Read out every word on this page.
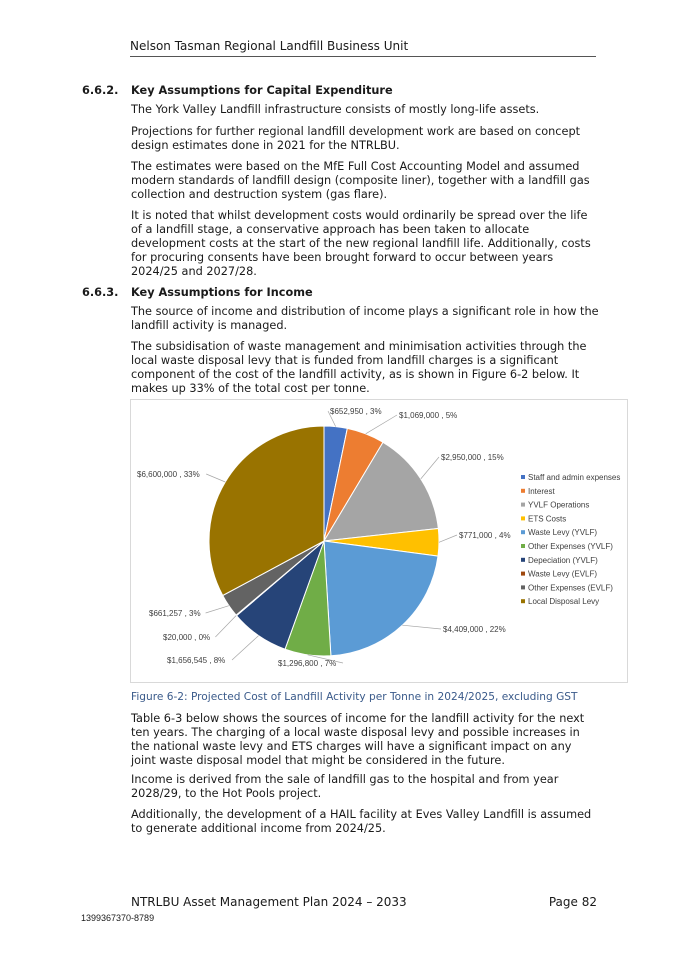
Nelson Tasman Regional Landfill Business Unit
6.6.2. Key Assumptions for Capital Expenditure

The York Valley Landfill infrastructure consists of mostly long-life assets.

Projections for further regional landfill development work are based on concept design estimates done in 2021 for the NTRLBU.

The estimates were based on the MfE Full Cost Accounting Model and assumed modern standards of landfill design (composite liner), together with a landfill gas collection and destruction system (gas flare).

It is noted that whilst development costs would ordinarily be spread over the life of a landfill stage, a conservative approach has been taken to allocate development costs at the start of the new regional landfill life. Additionally, costs for procuring consents have been brought forward to occur between years 2024/25 and 2027/28.

6.6.3. Key Assumptions for Income

The source of income and distribution of income plays a significant role in how the landfill activity is managed.

The subsidisation of waste management and minimisation activities through the local waste disposal levy that is funded from landfill charges is a significant component of the cost of the landfill activity, as is shown in Figure 6-2 below. It makes up 33% of the total cost per tonne.

$652,950 , 3% $1,069,000 , 5%
$2,950,000 , 15%
$771,000 , 4%
$4,409,000 , 22%
$1,296,800 , 7%
$1,656,545 , 8%
$20,000 , 0%
$661,257 , 3%
$6,600,000 , 33%	Staff and admin expenses
Interest
YVLF Operations
ETS Costs
Waste Levy (YVLF)
Other Expenses (YVLF)
Depeciation (YVLF)
Waste Levy (EVLF)
Other Expenses (EVLF)
Local Disposal Levy
Figure 6-2: Projected Cost of Landfill Activity per Tonne in 2024/2025, excluding GST

Table 6-3 below shows the sources of income for the landfill activity for the next ten years. The charging of a local waste disposal levy and possible increases in the national waste levy and ETS charges will have a significant impact on any joint waste disposal model that might be considered in the future.

Income is derived from the sale of landfill gas to the hospital and from year 2028/29, to the Hot Pools project.

Additionally, the development of a HAIL facility at Eves Valley Landfill is assumed to generate additional income from 2024/25.

NTRLBU Asset Management Plan 2024 – 2033	Page 82
1399367370-8789
